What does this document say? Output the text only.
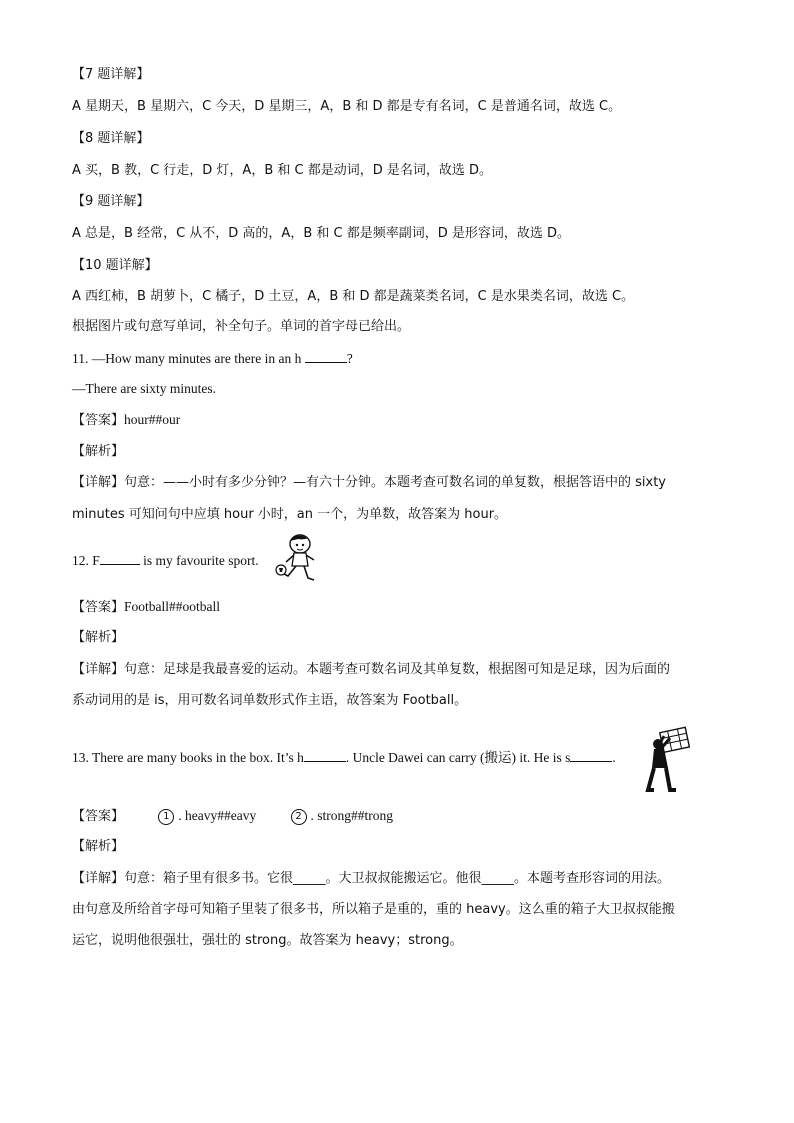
【7 题详解】
A 星期天，B 星期六，C 今天，D 星期三，A，B 和 D 都是专有名词，C 是普通名词，故选 C。
【8 题详解】
A 买，B 教，C 行走，D 灯，A，B 和 C 都是动词，D 是名词，故选 D。
【9 题详解】
A 总是，B 经常，C 从不，D 高的，A，B 和 C 都是频率副词，D 是形容词，故选 D。
【10 题详解】
A 西红柿，B 胡萝卜，C 橘子，D 土豆，A，B 和 D 都是蔬菜类名词，C 是水果类名词，故选 C。
根据图片或句意写单词，补全句子。单词的首字母已给出。
11. —How many minutes are there in an h	?
—There are sixty minutes.
【答案】hour##our
【解析】
【详解】句意：——小时有多少分钟？—有六十分钟。本题考查可数名词的单复数，根据答语中的 sixty
minutes 可知问句中应填 hour 小时，an 一个，为单数，故答案为 hour。
12. F	is my favourite sport.
【答案】Football##ootball
【解析】
【详解】句意：足球是我最喜爱的运动。本题考查可数名词及其单复数，根据图可知是足球，因为后面的
系动词用的是 is，用可数名词单数形式作主语，故答案为 Football。
13. There are many books in the box. It’s h	. Uncle Dawei can carry (搬运) it. He is s	.
【答案】	1 . heavy##eavy	2 . strong##trong
【解析】
【详解】句意：箱子里有很多书。它很_____。大卫叔叔能搬运它。他很_____。本题考查形容词的用法。
由句意及所给首字母可知箱子里装了很多书，所以箱子是重的，重的 heavy。这么重的箱子大卫叔叔能搬
运它，说明他很强壮，强壮的 strong。故答案为 heavy；strong。
